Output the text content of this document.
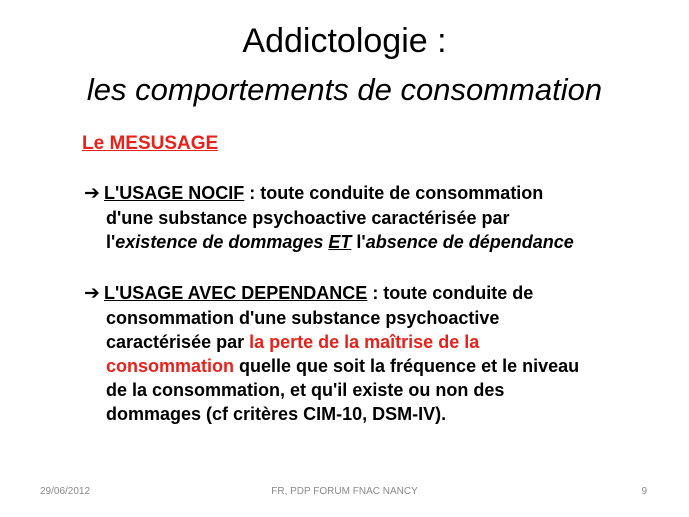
Addictologie :
les comportements de consommation
Le MESUSAGE
➔ L'USAGE NOCIF : toute conduite de consommation
d'une substance psychoactive caractérisée par
l'existence de dommages ET l'absence de dépendance
➔ L'USAGE AVEC DEPENDANCE : toute conduite de
consommation d'une substance psychoactive
caractérisée par la perte de la maîtrise de la
consommation quelle que soit la fréquence et le niveau
de la consommation, et qu'il existe ou non des
dommages (cf critères CIM-10, DSM-IV).
29/06/2012	FR, PDP FORUM FNAC NANCY	9
